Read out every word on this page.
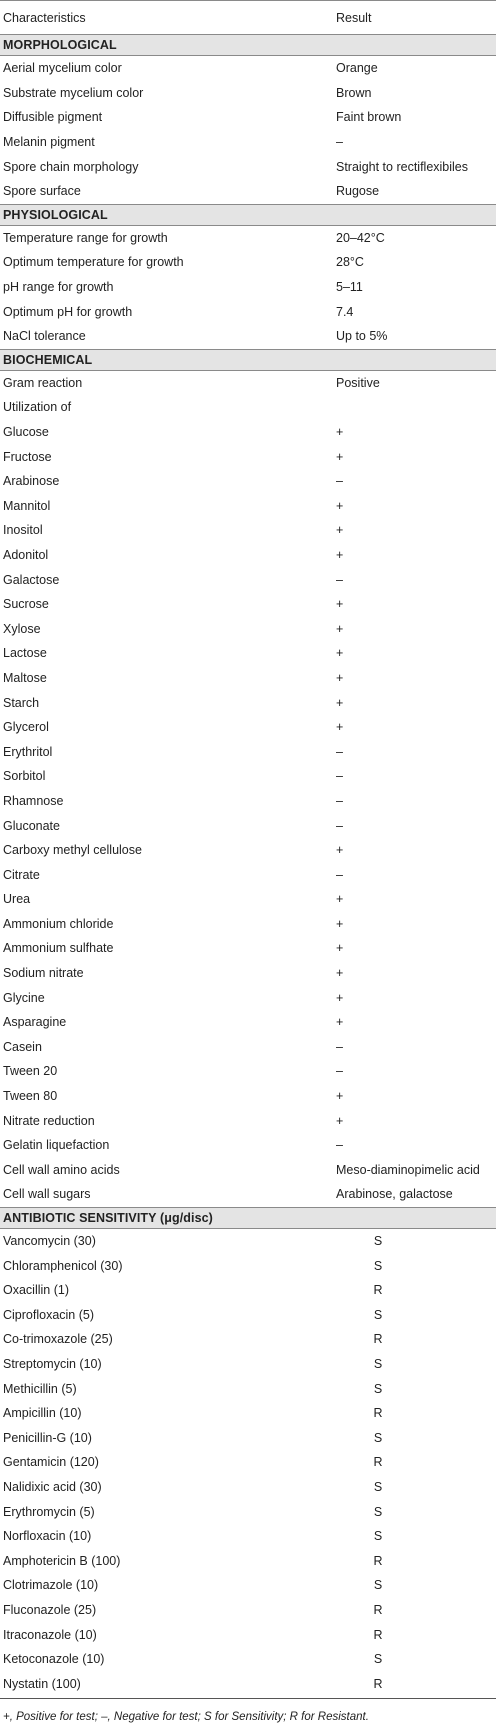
Characteristics	Result
MORPHOLOGICAL
Aerial mycelium color	Orange
Substrate mycelium color	Brown
Diffusible pigment	Faint brown
Melanin pigment	–
Spore chain morphology	Straight to rectiflexibiles
Spore surface	Rugose
PHYSIOLOGICAL
Temperature range for growth	20–42°C
Optimum temperature for growth	28°C
pH range for growth	5–11
Optimum pH for growth	7.4
NaCl tolerance	Up to 5%
BIOCHEMICAL
Gram reaction	Positive
Utilization of
Glucose	+
Fructose	+
Arabinose	–
Mannitol	+
Inositol	+
Adonitol	+
Galactose	–
Sucrose	+
Xylose	+
Lactose	+
Maltose	+
Starch	+
Glycerol	+
Erythritol	–
Sorbitol	–
Rhamnose	–
Gluconate	–
Carboxy methyl cellulose	+
Citrate	–
Urea	+
Ammonium chloride	+
Ammonium sulfhate	+
Sodium nitrate	+
Glycine	+
Asparagine	+
Casein	–
Tween 20	–
Tween 80	+
Nitrate reduction	+
Gelatin liquefaction	–
Cell wall amino acids	Meso-diaminopimelic acid
Cell wall sugars	Arabinose, galactose
ANTIBIOTIC SENSITIVITY (μg/disc)
Vancomycin (30)	S
Chloramphenicol (30)	S
Oxacillin (1)	R
Ciprofloxacin (5)	S
Co-trimoxazole (25)	R
Streptomycin (10)	S
Methicillin (5)	S
Ampicillin (10)	R
Penicillin-G (10)	S
Gentamicin (120)	R
Nalidixic acid (30)	S
Erythromycin (5)	S
Norfloxacin (10)	S
Amphotericin B (100)	R
Clotrimazole (10)	S
Fluconazole (25)	R
Itraconazole (10)	R
Ketoconazole (10)	S
Nystatin (100)	R
+, Positive for test; –, Negative for test; S for Sensitivity; R for Resistant.
